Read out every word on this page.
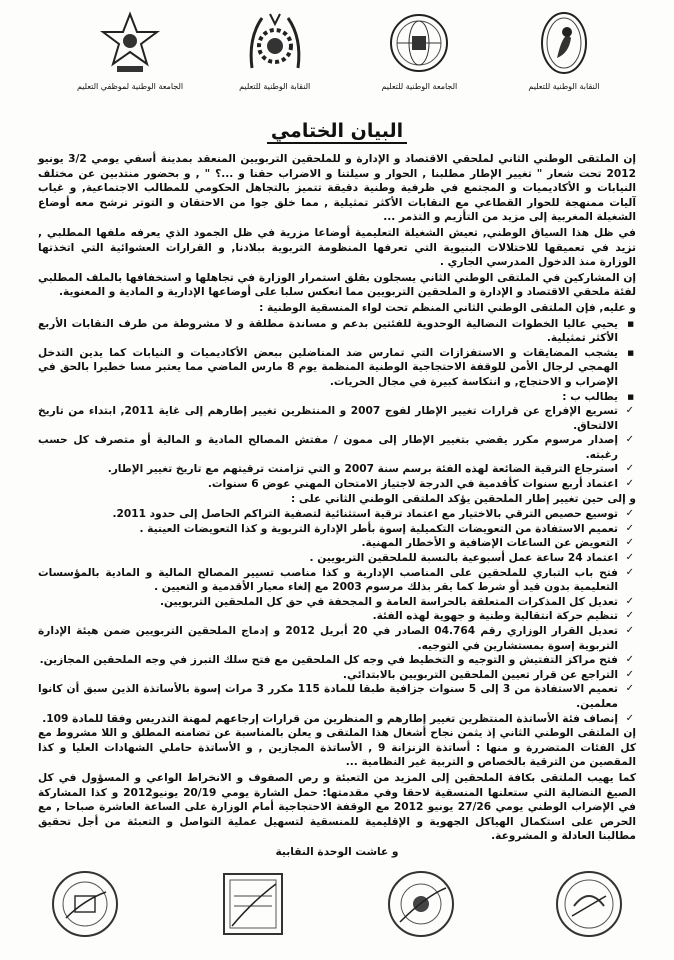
النقابة الوطنية للتعليم
الجامعة الوطنية للتعليم
النقابة الوطنية للتعليم
الجامعة الوطنية لموظفي التعليم
البيان الختامي

إن الملتقى الوطني الثاني لملحقي الاقتصاد و الإدارة و للملحقين التربويين المنعقد بمدينة أسفي يومي 3/2 يونيو 2012 تحت شعار " تغيير الإطار مطلبنا , الحوار و سيلتنا و الاضراب حقنا و ...؟ " , و بحضور منتدبين عن مختلف النيابات و الأكاديميات و المجتمع في ظرفية وطنية دقيقة تتميز بالتجاهل الحكومي للمطالب الاجتماعية, و غياب آليات ممنهجة للحوار القطاعي مع النقابات الأكثر تمثيلية , مما خلق جوا من الاحتقان و التوتر ترشح معه أوضاع الشغيلة المغربية إلى مزيد من التأزيم و التذمر ...

في ظل هذا السياق الوطني, تعيش الشغيلة التعليمية أوضاعا مزرية في ظل الجمود الذي يعرفه ملفها المطلبي , تزيد في تعميقها للاختلالات البنيوية التي تعرفها المنظومة التربوية ببلادنا, و القرارات العشوائية التي اتخذتها الوزارة منذ الدخول المدرسي الجاري .

إن المشاركين في الملتقى الوطني الثاني يسجلون بقلق استمرار الوزارة في تجاهلها و استخفافها بالملف المطلبي لفئة ملحقي الاقتصاد و الإدارة و الملحقين التربويين مما انعكس سلبا على أوضاعها الإدارية و المادية و المعنوية.

و عليه, فإن الملتقى الوطني الثاني المنظم تحت لواء المنسقية الوطنية :

■ يحيي عاليا الخطوات النضالية الوحدوية للفئتين بدعم و مساندة مطلقة و لا مشروطة من طرف النقابات الأربع الأكثر تمثيلية.
■ يشجب المضايقات و الاستفزازات التي تمارس ضد المناضلين ببعض الأكاديميات و النيابات كما يدين التدخل الهمجي لرجال الأمن للوقفة الاحتجاجية الوطنية المنظمة يوم 8 مارس الماضي مما يعتبر مسا خطيرا بالحق في الإضراب و الاحتجاج, و انتكاسة كبيرة في مجال الحريات.
■ يطالب ب :
✓ تسريع الإفراج عن قرارات تغيير الإطار لفوج 2007 و المنتظرين تغيير إطارهم إلى غاية 2011, ابتداء من تاريخ الالتحاق.
✓ إصدار مرسوم مكرر يقضي بتغيير الإطار إلى ممون / مفتش المصالح المادية و المالية أو متصرف كل حسب رغبته.
✓ استرجاع الترقية الضائعة لهذه الفئة برسم سنة 2007 و التي تزامنت ترقيتهم مع تاريخ تغيير الإطار.
✓ اعتماد أربع سنوات كأقدمية في الدرجة لاجتياز الامتحان المهني عوض 6 سنوات.

و إلى حين تغيير إطار الملحقين يؤكد الملتقى الوطني الثاني على :

✓ توسيع حصيص الترقي بالاختيار مع اعتماد ترقية استثنائية لتصفية التراكم الحاصل إلى حدود 2011.
✓ تعميم الاستفادة من التعويضات التكميلية إسوة بأطر الإدارة التربوية و كذا التعويضات العينية .
✓ التعويض عن الساعات الإضافية و الأخطار المهنية.
✓ اعتماد 24 ساعة عمل أسبوعية بالنسبة للملحقين التربويين .
✓ فتح باب التباري للملحقين على المناصب الإدارية و كذا مناصب تسيير المصالح المالية و المادية بالمؤسسات التعليمية بدون قيد أو شرط كما يقر بذلك مرسوم 2003 مع إلغاء معيار الأقدمية و التعيين .
✓ تعديل كل المذكرات المتعلقة بالحراسة العامة و المجحفة في حق كل الملحقين التربويين.
✓ تنظيم حركة انتقالية وطنية و جهوية لهذه الفئة.
✓ تعديل القرار الوزاري رقم 04.764 الصادر في 20 أبريل 2012 و إدماج الملحقين التربويين ضمن هيئة الإدارة التربوية إسوة بمستشارين في التوجيه.
✓ فتح مراكز التفتيش و التوجيه و التخطيط في وجه كل الملحقين مع فتح سلك التبرز في وجه الملحقين المجازين.
✓ التراجع عن قرار تعيين الملحقين التربويين بالابتدائي.
✓ تعميم الاستفادة من 3 إلى 5 سنوات جزافية طبقا للمادة 115 مكرر 3 مرات إسوة بالأساتذة الذين سبق أن كانوا معلمين.
✓ إنصاف فئة الأساتذة المنتظرين تغيير إطارهم و المنظرين من قرارات إرجاعهم لمهنة التدريس وفقا للمادة 109.

إن الملتقى الوطني الثاني إذ يثمن نجاح أشغال هذا الملتقى و يعلن بالمناسبة عن تضامنه المطلق و اللا مشروط مع كل الفئات المتضررة و منها : أساتذة الزنزانة 9 , الأساتذة المجازين , و الأساتذة حاملي الشهادات العليا و كذا المقصين من الترقية بالخصاص و التربية غير النظامية ...

كما يهيب الملتقى بكافة الملحقين إلى المزيد من التعبئة و رص الصفوف و الانخراط الواعي و المسؤول في كل الصيغ النضالية التي ستعلنها المنسقية لاحقا وفي مقدمتها: حمل الشارة يومي 20/19 يونيو2012 و كذا المشاركة في الإضراب الوطني يومي 27/26 يونيو 2012 مع الوقفة الاحتجاجية أمام الوزارة على الساعة العاشرة صباحا , مع الحرص على استكمال الهياكل الجهوية و الإقليمية للمنسقية لتسهيل عملية التواصل و التعبئة من أجل تحقيق مطالبنا العادلة و المشروعة.

و عاشت الوحدة النقابية
